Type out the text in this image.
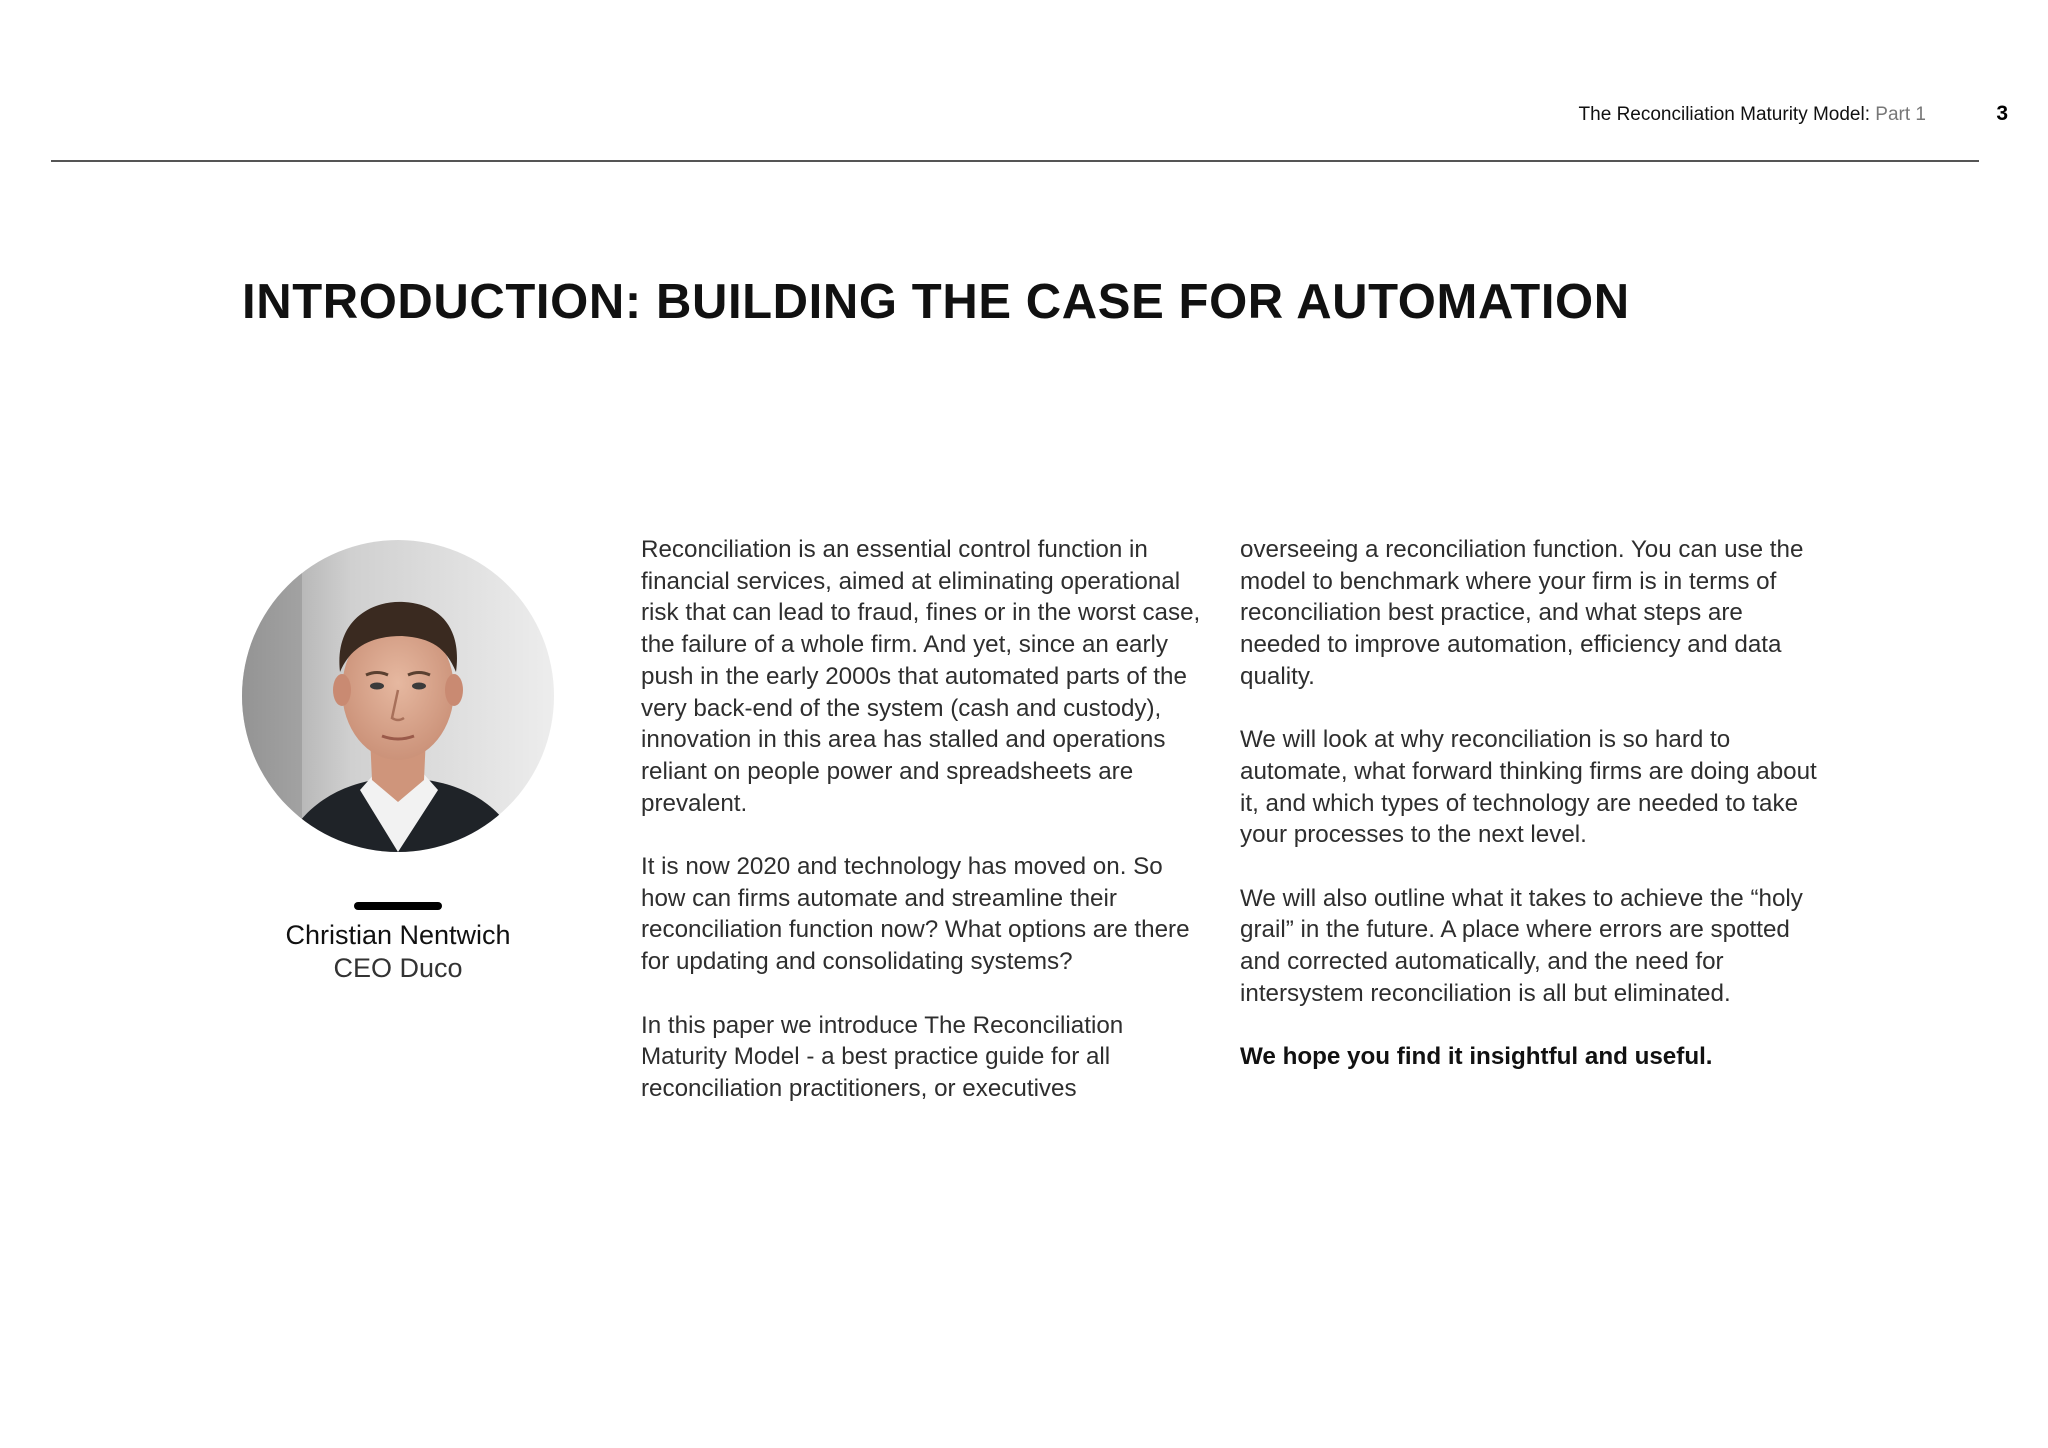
The Reconciliation Maturity Model: Part 1	3
INTRODUCTION: BUILDING THE CASE FOR AUTOMATION
Christian Nentwich
CEO Duco

Reconciliation is an essential control function in financial services, aimed at eliminating operational risk that can lead to fraud, fines or in the worst case, the failure of a whole firm. And yet, since an early push in the early 2000s that automated parts of the very back-end of the system (cash and custody), innovation in this area has stalled and operations reliant on people power and spreadsheets are prevalent.

It is now 2020 and technology has moved on. So how can firms automate and streamline their reconciliation function now? What options are there for updating and consolidating systems?

In this paper we introduce The Reconciliation Maturity Model - a best practice guide for all reconciliation practitioners, or executives

overseeing a reconciliation function. You can use the model to benchmark where your firm is in terms of reconciliation best practice, and what steps are needed to improve automation, efficiency and data quality.

We will look at why reconciliation is so hard to automate, what forward thinking firms are doing about it, and which types of technology are needed to take your processes to the next level.

We will also outline what it takes to achieve the “holy grail” in the future. A place where errors are spotted and corrected automatically, and the need for intersystem reconciliation is all but eliminated.

We hope you find it insightful and useful.
